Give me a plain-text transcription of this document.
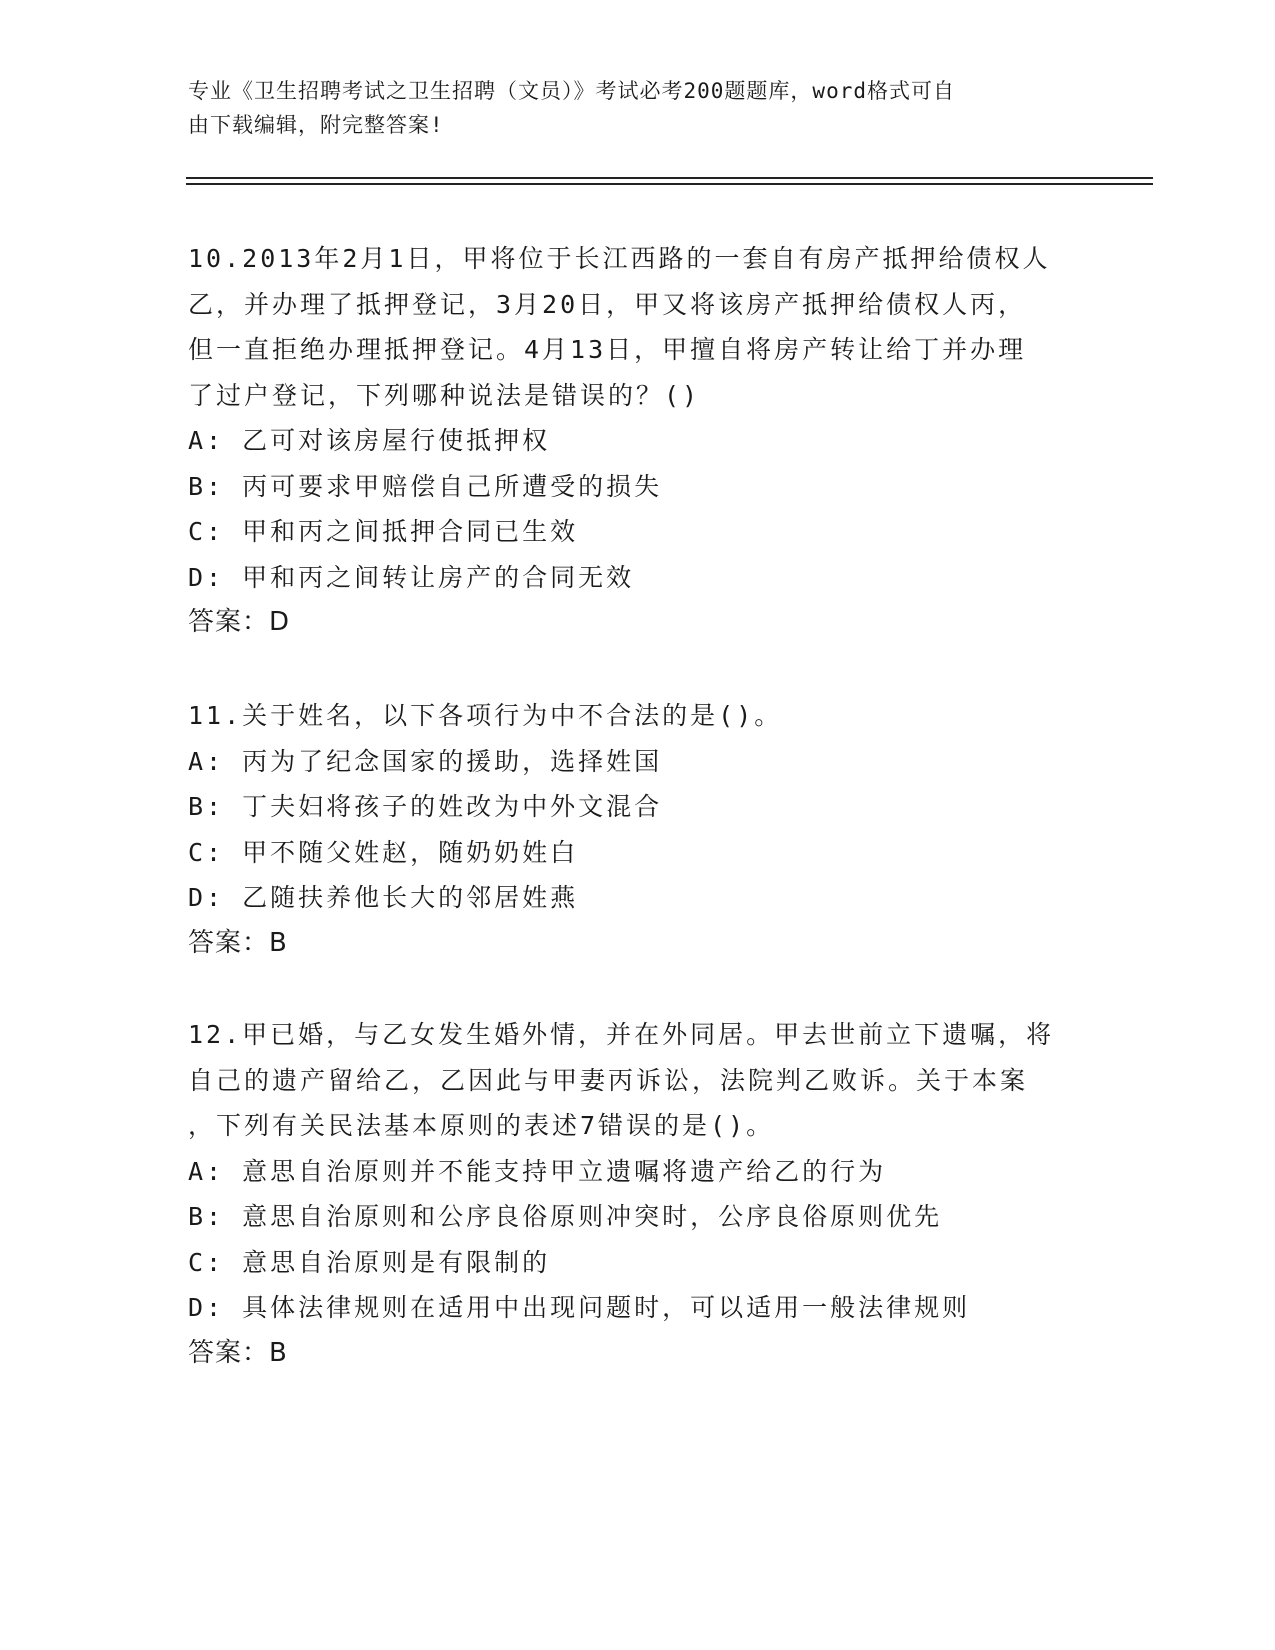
专业《卫生招聘考试之卫生招聘（文员）》考试必考200题题库，word格式可自
由下载编辑，附完整答案!
10.2013年2月1日，甲将位于长江西路的一套自有房产抵押给债权人
乙，并办理了抵押登记，3月20日，甲又将该房产抵押给债权人丙，
但一直拒绝办理抵押登记。4月13日，甲擅自将房产转让给丁并办理
了过户登记，下列哪种说法是错误的？()
A: 乙可对该房屋行使抵押权
B: 丙可要求甲赔偿自己所遭受的损失
C: 甲和丙之间抵押合同已生效
D: 甲和丙之间转让房产的合同无效
答案：D
11.关于姓名，以下各项行为中不合法的是()。
A: 丙为了纪念国家的援助，选择姓国
B: 丁夫妇将孩子的姓改为中外文混合
C: 甲不随父姓赵，随奶奶姓白
D: 乙随扶养他长大的邻居姓燕
答案：B
12.甲已婚，与乙女发生婚外情，并在外同居。甲去世前立下遗嘱，将
自己的遗产留给乙，乙因此与甲妻丙诉讼，法院判乙败诉。关于本案
，下列有关民法基本原则的表述7错误的是()。
A: 意思自治原则并不能支持甲立遗嘱将遗产给乙的行为
B: 意思自治原则和公序良俗原则冲突时，公序良俗原则优先
C: 意思自治原则是有限制的
D: 具体法律规则在适用中出现问题时，可以适用一般法律规则
答案：B
